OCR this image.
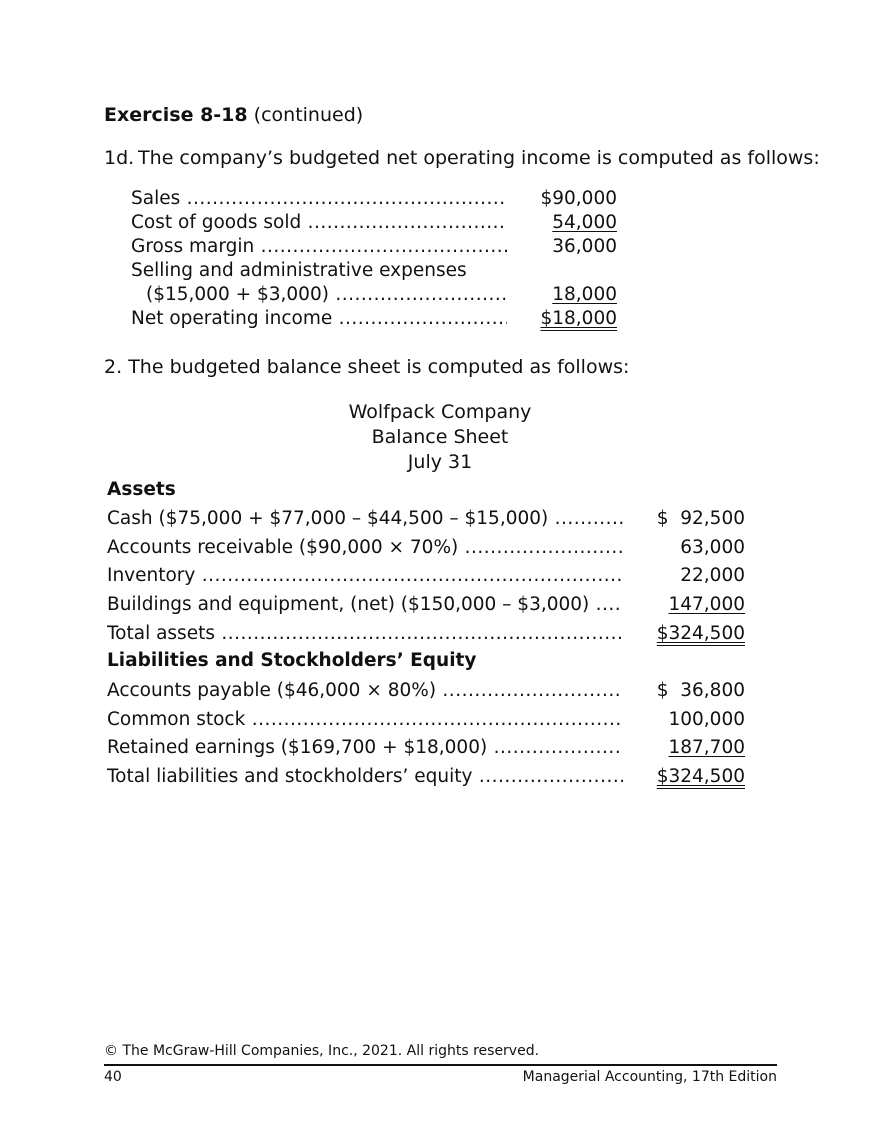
Exercise 8-18 (continued)
1d. The company’s budgeted net operating income is computed as follows:
Sales .....	$90,000
Cost of goods sold .....	54,000
Gross margin .....	36,000
Selling and administrative expenses
($15,000 + $3,000) .....	18,000
Net operating income .....	$18,000
2. The budgeted balance sheet is computed as follows:
Wolfpack Company
Balance Sheet
July 31
Assets
Cash ($75,000 + $77,000 – $44,500 – $15,000) .....	$  92,500
Accounts receivable ($90,000 × 70%) .....	63,000
Inventory .....	22,000
Buildings and equipment, (net) ($150,000 – $3,000) .....	147,000
Total assets .....	$324,500
Liabilities and Stockholders’ Equity
Accounts payable ($46,000 × 80%) .....	$  36,800
Common stock .....	100,000
Retained earnings ($169,700 + $18,000) .....	187,700
Total liabilities and stockholders’ equity .....	$324,500
© The McGraw-Hill Companies, Inc., 2021. All rights reserved.
40	Managerial Accounting, 17th Edition
